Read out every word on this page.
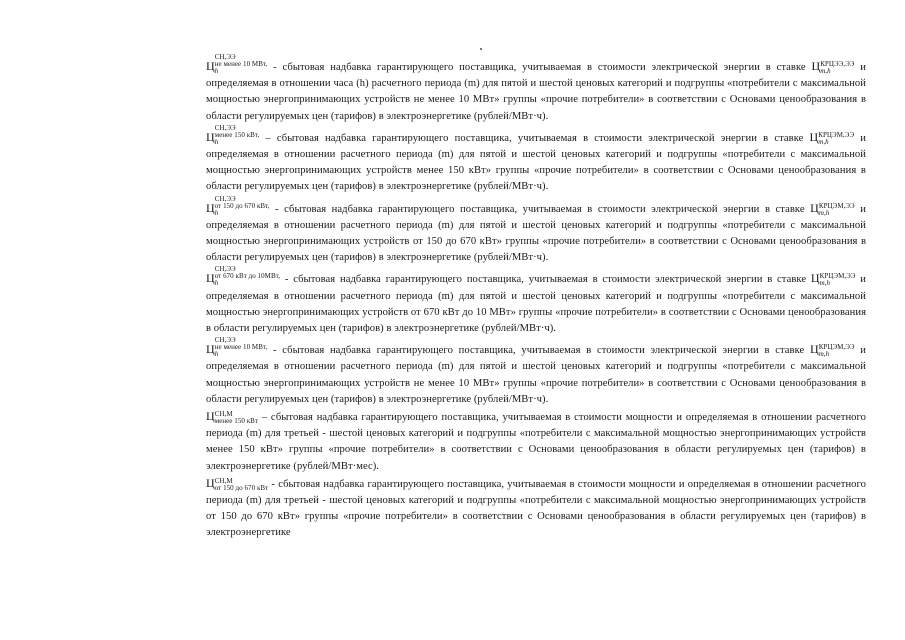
Ц
СН,ЭЭ
не менее 10 МВт,
h	- сбытовая надбавка гарантирующего поставщика, учитываемая в стоимости электрической энергии в ставке Ц КРЦЭЭ,ЭЭ
m,h	и определяемая в отношении часа (h) расчетного периода (m) для пятой и шестой ценовых категорий и подгруппы «потребители с максимальной мощностью энергопринимающих устройств не менее 10 МВт» группы «прочие потребители» в соответствии с Основами ценообразования в области регулируемых цен (тарифов) в электроэнергетике (рублей/МВт·ч).

Ц
СН,ЭЭ
менее 150 кВт,
h	– сбытовая надбавка гарантирующего поставщика, учитываемая в стоимости электрической энергии в ставке Ц КРЦЭМ,ЭЭ
m,h	и определяемая в отношении расчетного периода (m) для пятой и шестой ценовых категорий и подгруппы «потребители с максимальной мощностью энергопринимающих устройств менее 150 кВт» группы «прочие потребители» в соответствии с Основами ценообразования в области регулируемых цен (тарифов) в электроэнергетике (рублей/МВт·ч).

Ц
СН,ЭЭ
от 150 до 670 кВт,
h	- сбытовая надбавка гарантирующего поставщика, учитываемая в стоимости электрической энергии в ставке Ц КРЦЭМ,ЭЭ
m,h	и определяемая в отношении расчетного периода (m) для пятой и шестой ценовых категорий и подгруппы «потребители с максимальной мощностью энергопринимающих устройств от 150 до 670 кВт» группы «прочие потребители» в соответствии с Основами ценообразования в области регулируемых цен (тарифов) в электроэнергетике (рублей/МВт·ч).

Ц
СН,ЭЭ
от 670 кВт до 10МВт,
h	- сбытовая надбавка гарантирующего поставщика, учитываемая в стоимости электрической энергии в ставке Ц КРЦЭМ,ЭЭ
m,h	и определяемая в отношении расчетного периода (m) для пятой и шестой ценовых категорий и подгруппы «потребители с максимальной мощностью энергопринимающих устройств от 670 кВт до 10 МВт» группы «прочие потребители» в соответствии с Основами ценообразования в области регулируемых цен (тарифов) в электроэнергетике (рублей/МВт·ч).

Ц
СН,ЭЭ
не менее 10 МВт,
h	- сбытовая надбавка гарантирующего поставщика, учитываемая в стоимости электрической энергии в ставке Ц КРЦЭМ,ЭЭ
m,h	и определяемая в отношении расчетного периода (m) для пятой и шестой ценовых категорий и подгруппы «потребители с максимальной мощностью энергопринимающих устройств не менее 10 МВт» группы «прочие потребители» в соответствии с Основами ценообразования в области регулируемых цен (тарифов) в электроэнергетике (рублей/МВт·ч).

Ц СН,М
менее 150 кВт – сбытовая надбавка гарантирующего поставщика, учитываемая в стоимости мощности и определяемая в отношении расчетного периода (m) для третьей - шестой ценовых категорий и подгруппы «потребители с максимальной мощностью энергопринимающих устройств менее 150 кВт» группы «прочие потребители» в соответствии с Основами ценообразования в области регулируемых цен (тарифов) в электроэнергетике (рублей/МВт·мес).

Ц СН,М
от 150 до 670 кВт - сбытовая надбавка гарантирующего поставщика, учитываемая в стоимости мощности и определяемая в отношении расчетного периода (m) для третьей - шестой ценовых категорий и подгруппы «потребители с максимальной мощностью энергопринимающих устройств от 150 до 670 кВт» группы «прочие потребители» в соответствии с Основами ценообразования в области регулируемых цен (тарифов) в электроэнергетике
